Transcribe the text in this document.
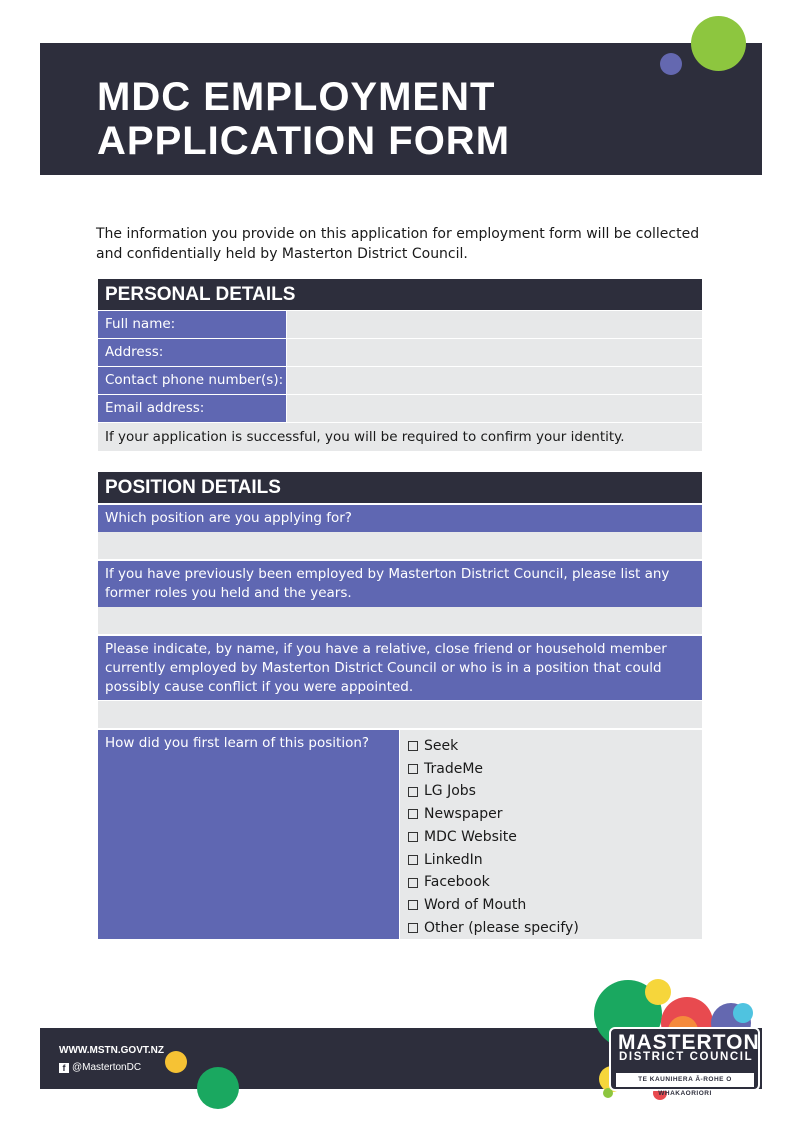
MDC EMPLOYMENT
APPLICATION FORM
The information you provide on this application for employment form will be collected and confidentially held by Masterton District Council.
PERSONAL DETAILS
Full name:
Address:
Contact phone number(s):
Email address:
If your application is successful, you will be required to confirm your identity.
POSITION DETAILS
Which position are you applying for?
If you have previously been employed by Masterton District Council, please list any
former roles you held and the years.
Please indicate, by name, if you have a relative, close friend or household member
currently employed by Masterton District Council or who is in a position that could
possibly cause conflict if you were appointed.
How did you first learn of this position?	Seek
TradeMe
LG Jobs
Newspaper
MDC Website
LinkedIn
Facebook
Word of Mouth
Other (please specify)
WWW.MSTN.GOVT.NZ
f @MastertonDC
MASTERTON
DISTRICT COUNCIL
TE KAUNIHERA Ā-ROHE O WHAKAORIORI
